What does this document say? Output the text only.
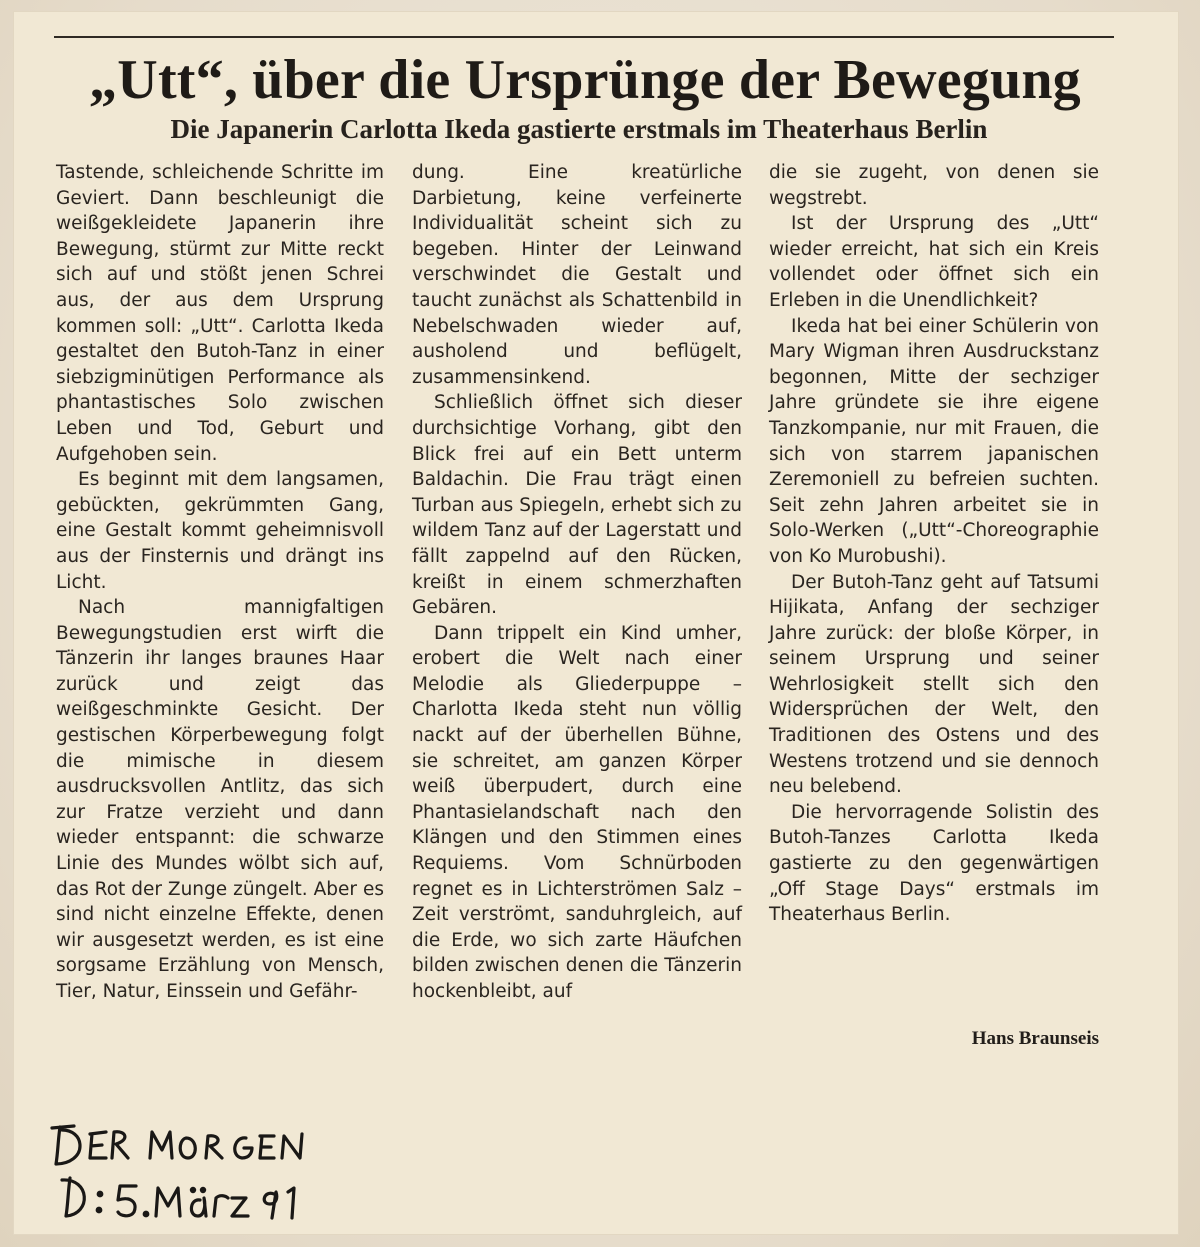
„Utt“, über die Ursprünge der Bewegung
Die Japanerin Carlotta Ikeda gastierte erstmals im Theaterhaus Berlin

Tastende, schleichende Schritte im Geviert. Dann beschleunigt die weißgekleidete Japanerin ihre Bewegung, stürmt zur Mitte reckt sich auf und stößt jenen Schrei aus, der aus dem Ursprung kommen soll: „Utt“. Carlotta Ikeda gestaltet den Butoh-Tanz in einer siebzigminütigen Performance als phantastisches Solo zwischen Leben und Tod, Geburt und Aufgehoben sein.

Es beginnt mit dem langsamen, gebückten, gekrümmten Gang, eine Gestalt kommt geheimnisvoll aus der Finsternis und drängt ins Licht.

Nach mannigfaltigen Bewegungstudien erst wirft die Tänzerin ihr langes braunes Haar zurück und zeigt das weißgeschminkte Gesicht. Der gestischen Körperbewegung folgt die mimische in diesem ausdrucksvollen Antlitz, das sich zur Fratze verzieht und dann wieder entspannt: die schwarze Linie des Mundes wölbt sich auf, das Rot der Zunge züngelt. Aber es sind nicht einzelne Effekte, denen wir ausgesetzt werden, es ist eine sorgsame Erzählung von Mensch, Tier, Natur, Einssein und Gefähr-

dung. Eine kreatürliche Darbietung, keine verfeinerte Individualität scheint sich zu begeben. Hinter der Leinwand verschwindet die Gestalt und taucht zunächst als Schattenbild in Nebelschwaden wieder auf, ausholend und beflügelt, zusammensinkend.

Schließlich öffnet sich dieser durchsichtige Vorhang, gibt den Blick frei auf ein Bett unterm Baldachin. Die Frau trägt einen Turban aus Spiegeln, erhebt sich zu wildem Tanz auf der Lagerstatt und fällt zappelnd auf den Rücken, kreißt in einem schmerzhaften Gebären.

Dann trippelt ein Kind umher, erobert die Welt nach einer Melodie als Gliederpuppe – Charlotta Ikeda steht nun völlig nackt auf der überhellen Bühne, sie schreitet, am ganzen Körper weiß überpudert, durch eine Phantasielandschaft nach den Klängen und den Stimmen eines Requiems. Vom Schnürboden regnet es in Lichterströmen Salz – Zeit verströmt, sanduhrgleich, auf die Erde, wo sich zarte Häufchen bilden zwischen denen die Tänzerin hockenbleibt, auf

die sie zugeht, von denen sie wegstrebt.

Ist der Ursprung des „Utt“ wieder erreicht, hat sich ein Kreis vollendet oder öffnet sich ein Erleben in die Unendlichkeit?

Ikeda hat bei einer Schülerin von Mary Wigman ihren Ausdruckstanz begonnen, Mitte der sechziger Jahre gründete sie ihre eigene Tanzkompanie, nur mit Frauen, die sich von starrem japanischen Zeremoniell zu befreien suchten. Seit zehn Jahren arbeitet sie in Solo-Werken („Utt“-Choreographie von Ko Murobushi).

Der Butoh-Tanz geht auf Tatsumi Hijikata, Anfang der sechziger Jahre zurück: der bloße Körper, in seinem Ursprung und seiner Wehrlosigkeit stellt sich den Widersprüchen der Welt, den Traditionen des Ostens und des Westens trotzend und sie dennoch neu belebend.

Die hervorragende Solistin des Butoh-Tanzes Carlotta Ikeda gastierte zu den gegenwärtigen „Off Stage Days“ erstmals im Theaterhaus Berlin.

Hans Braunseis
